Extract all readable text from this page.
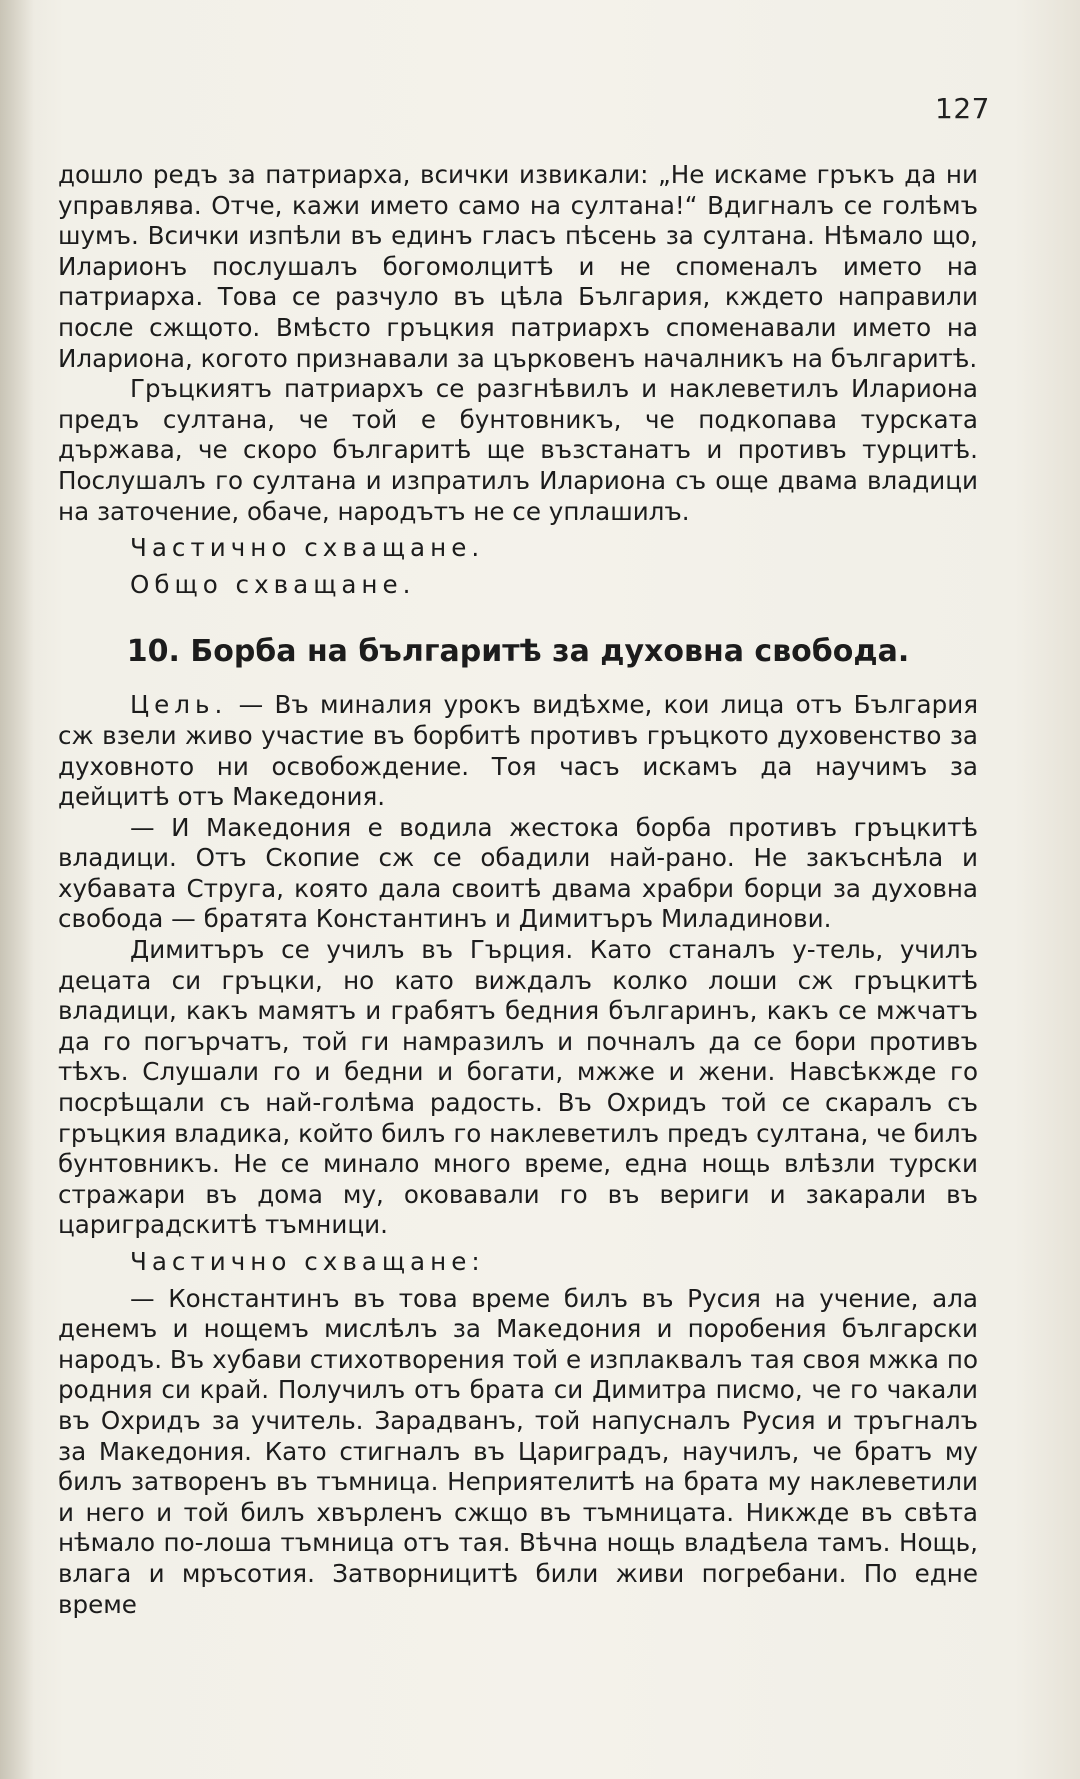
127

дошло редъ за патриарха, всички извикали: „Не искаме гръкъ да ни управлява. Отче, кажи името само на султана!“ Вдигналъ се голѣмъ шумъ. Всички изпѣли въ единъ гласъ пѣсень за султана. Нѣмало що, Иларионъ послушалъ богомолцитѣ и не споменалъ името на патриарха. Това се разчуло въ цѣла България, кждето направили после сжщото. Вмѣсто гръцкия патриархъ споменавали името на Илариона, когото признавали за църковенъ началникъ на българитѣ.

Гръцкиятъ патриархъ се разгнѣвилъ и наклеветилъ Илариона предъ султана, че той е бунтовникъ, че подкопава турската държава, че скоро българитѣ ще възстанатъ и противъ турцитѣ. Послушалъ го султана и изпратилъ Илариона съ още двама владици на заточение, обаче, народътъ не се уплашилъ.

Частично схващане.

Общо схващане.

10. Борба на българитѣ за духовна свобода.

Цель. — Въ миналия урокъ видѣхме, кои лица отъ България сж взели живо участие въ борбитѣ противъ гръцкото духовенство за духовното ни освобождение. Тоя часъ искамъ да научимъ за дейцитѣ отъ Македония.

— И Македония е водила жестока борба противъ гръцкитѣ владици. Отъ Скопие сж се обадили най-рано. Не закъснѣла и хубавата Струга, която дала своитѣ двама храбри борци за духовна свобода — братята Константинъ и Димитъръ Миладинови.

Димитъръ се училъ въ Гърция. Като станалъ у-тель, училъ децата си гръцки, но като виждалъ колко лоши сж гръцкитѣ владици, какъ мамятъ и грабятъ бедния българинъ, какъ се мжчатъ да го погърчатъ, той ги намразилъ и почналъ да се бори противъ тѣхъ. Слушали го и бедни и богати, мжже и жени. Навсѣкжде го посрѣщали съ най-голѣма радость. Въ Охридъ той се скаралъ съ гръцкия владика, който билъ го наклеветилъ предъ султана, че билъ бунтовникъ. Не се минало много време, една нощь влѣзли турски стражари въ дома му, оковавали го въ вериги и закарали въ цариградскитѣ тъмници.

Частично схващане:

— Константинъ въ това време билъ въ Русия на учение, ала денемъ и нощемъ мислѣлъ за Македония и поробения български народъ. Въ хубави стихотворения той е изплаквалъ тая своя мжка по родния си край. Получилъ отъ брата си Димитра писмо, че го чакали въ Охридъ за учитель. Зарадванъ, той напусналъ Русия и тръгналъ за Македония. Като стигналъ въ Цариградъ, научилъ, че братъ му билъ затворенъ въ тъмница. Неприятелитѣ на брата му наклеветили и него и той билъ хвърленъ сжщо въ тъмницата. Никжде въ свѣта нѣмало по-лоша тъмница отъ тая. Вѣчна нощь владѣела тамъ. Нощь, влага и мръсотия. Затворницитѣ били живи погребани. По едне време
